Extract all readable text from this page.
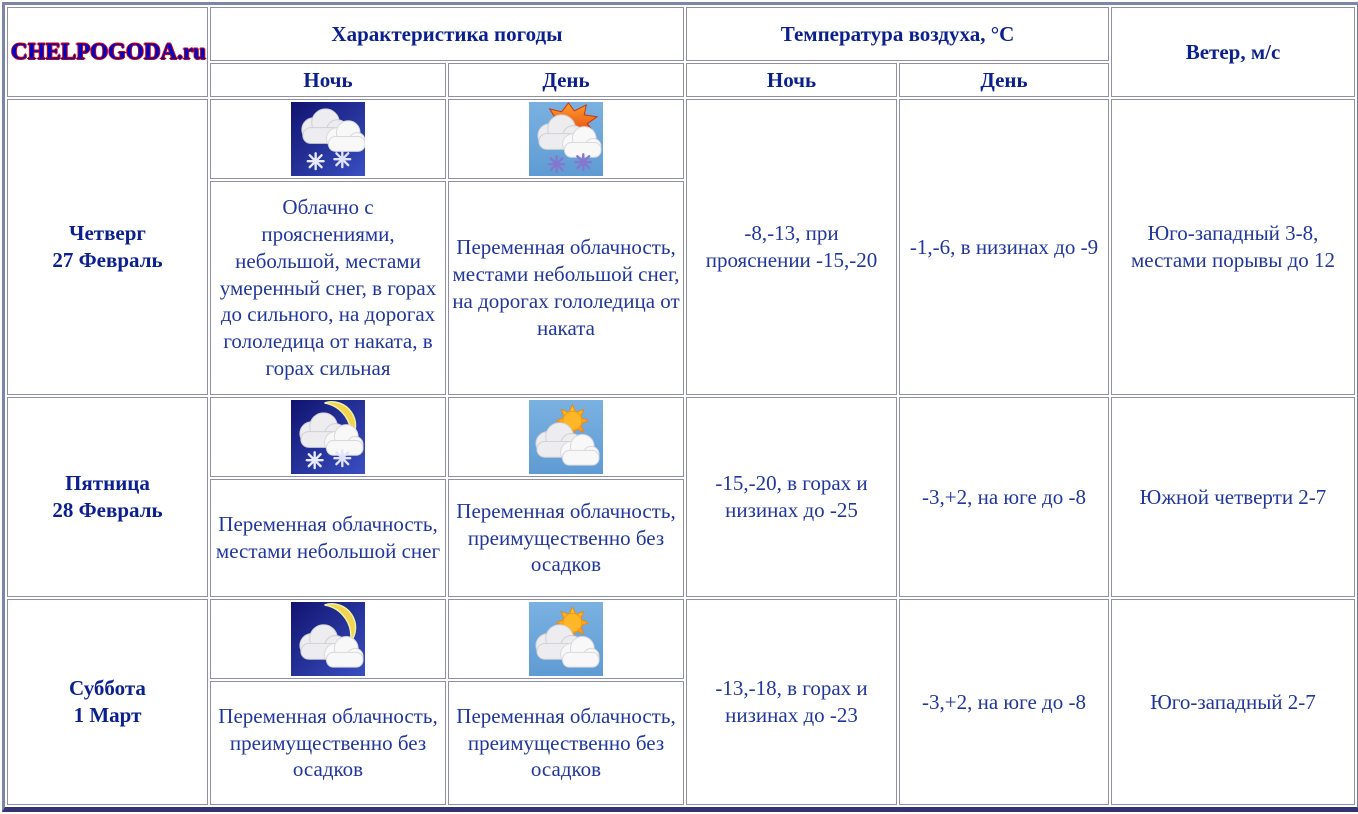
CHELPOGODA.ru	Характеристика погоды		Температура воздуха, °C		Ветер, м/с
	Ночь	День	Ночь	День	

Четверг
27 Февраль			-8,-13, при прояснении -15,-20	-1,-6, в низинах до -9	Юго-западный 3-8, местами порывы до 12
	Облачно с прояснениями, небольшой, местами умеренный снег, в горах до сильного, на дорогах гололедица от наката, в горах сильная	Переменная облачность, местами небольшой снег, на дорогах гололедица от наката			

Пятница
28 Февраль			-15,-20, в горах и низинах до -25	-3,+2, на юге до -8	Южной четверти 2-7
	Переменная облачность, местами небольшой снег	Переменная облачность, преимущественно без осадков			

Суббота
1 Март			-13,-18, в горах и низинах до -23	-3,+2, на юге до -8	Юго-западный 2-7
	Переменная облачность, преимущественно без осадков	Переменная облачность, преимущественно без осадков			
